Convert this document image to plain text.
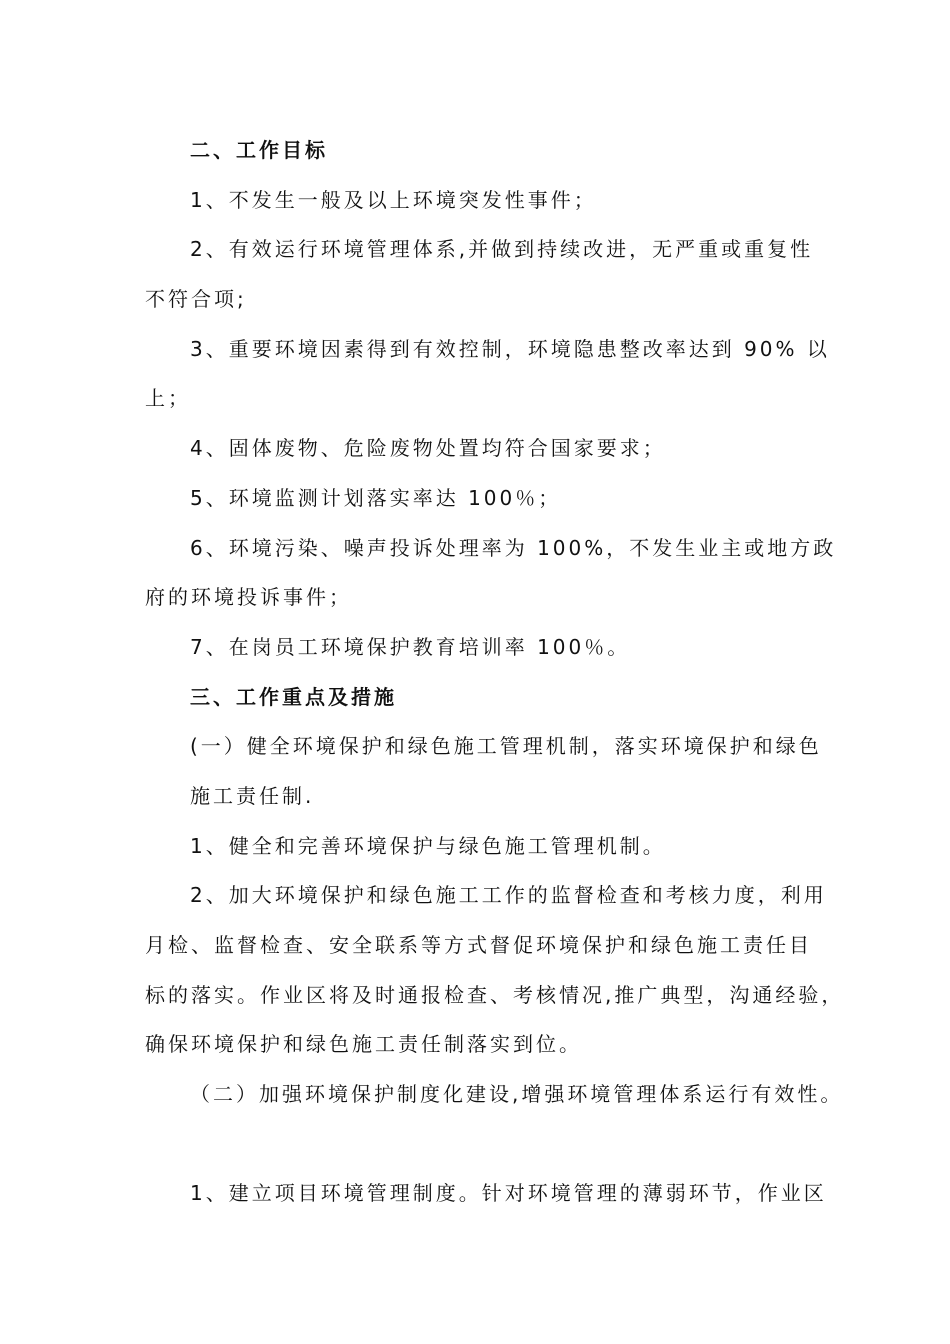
二、工作目标
1、不发生一般及以上环境突发性事件；
2、有效运行环境管理体系,并做到持续改进，无严重或重复性
不符合项;
3、重要环境因素得到有效控制，环境隐患整改率达到 90% 以
上；
4、固体废物、危险废物处置均符合国家要求；
5、环境监测计划落实率达 100％；
6、环境污染、噪声投诉处理率为 100%，不发生业主或地方政
府的环境投诉事件；
7、在岗员工环境保护教育培训率 100％。
三、工作重点及措施
(一）健全环境保护和绿色施工管理机制，落实环境保护和绿色
施工责任制.
1、健全和完善环境保护与绿色施工管理机制。
2、加大环境保护和绿色施工工作的监督检查和考核力度，利用
月检、监督检查、安全联系等方式督促环境保护和绿色施工责任目
标的落实。作业区将及时通报检查、考核情况,推广典型，沟通经验，
确保环境保护和绿色施工责任制落实到位。
（二）加强环境保护制度化建设,增强环境管理体系运行有效性。
1、建立项目环境管理制度。针对环境管理的薄弱环节，作业区
